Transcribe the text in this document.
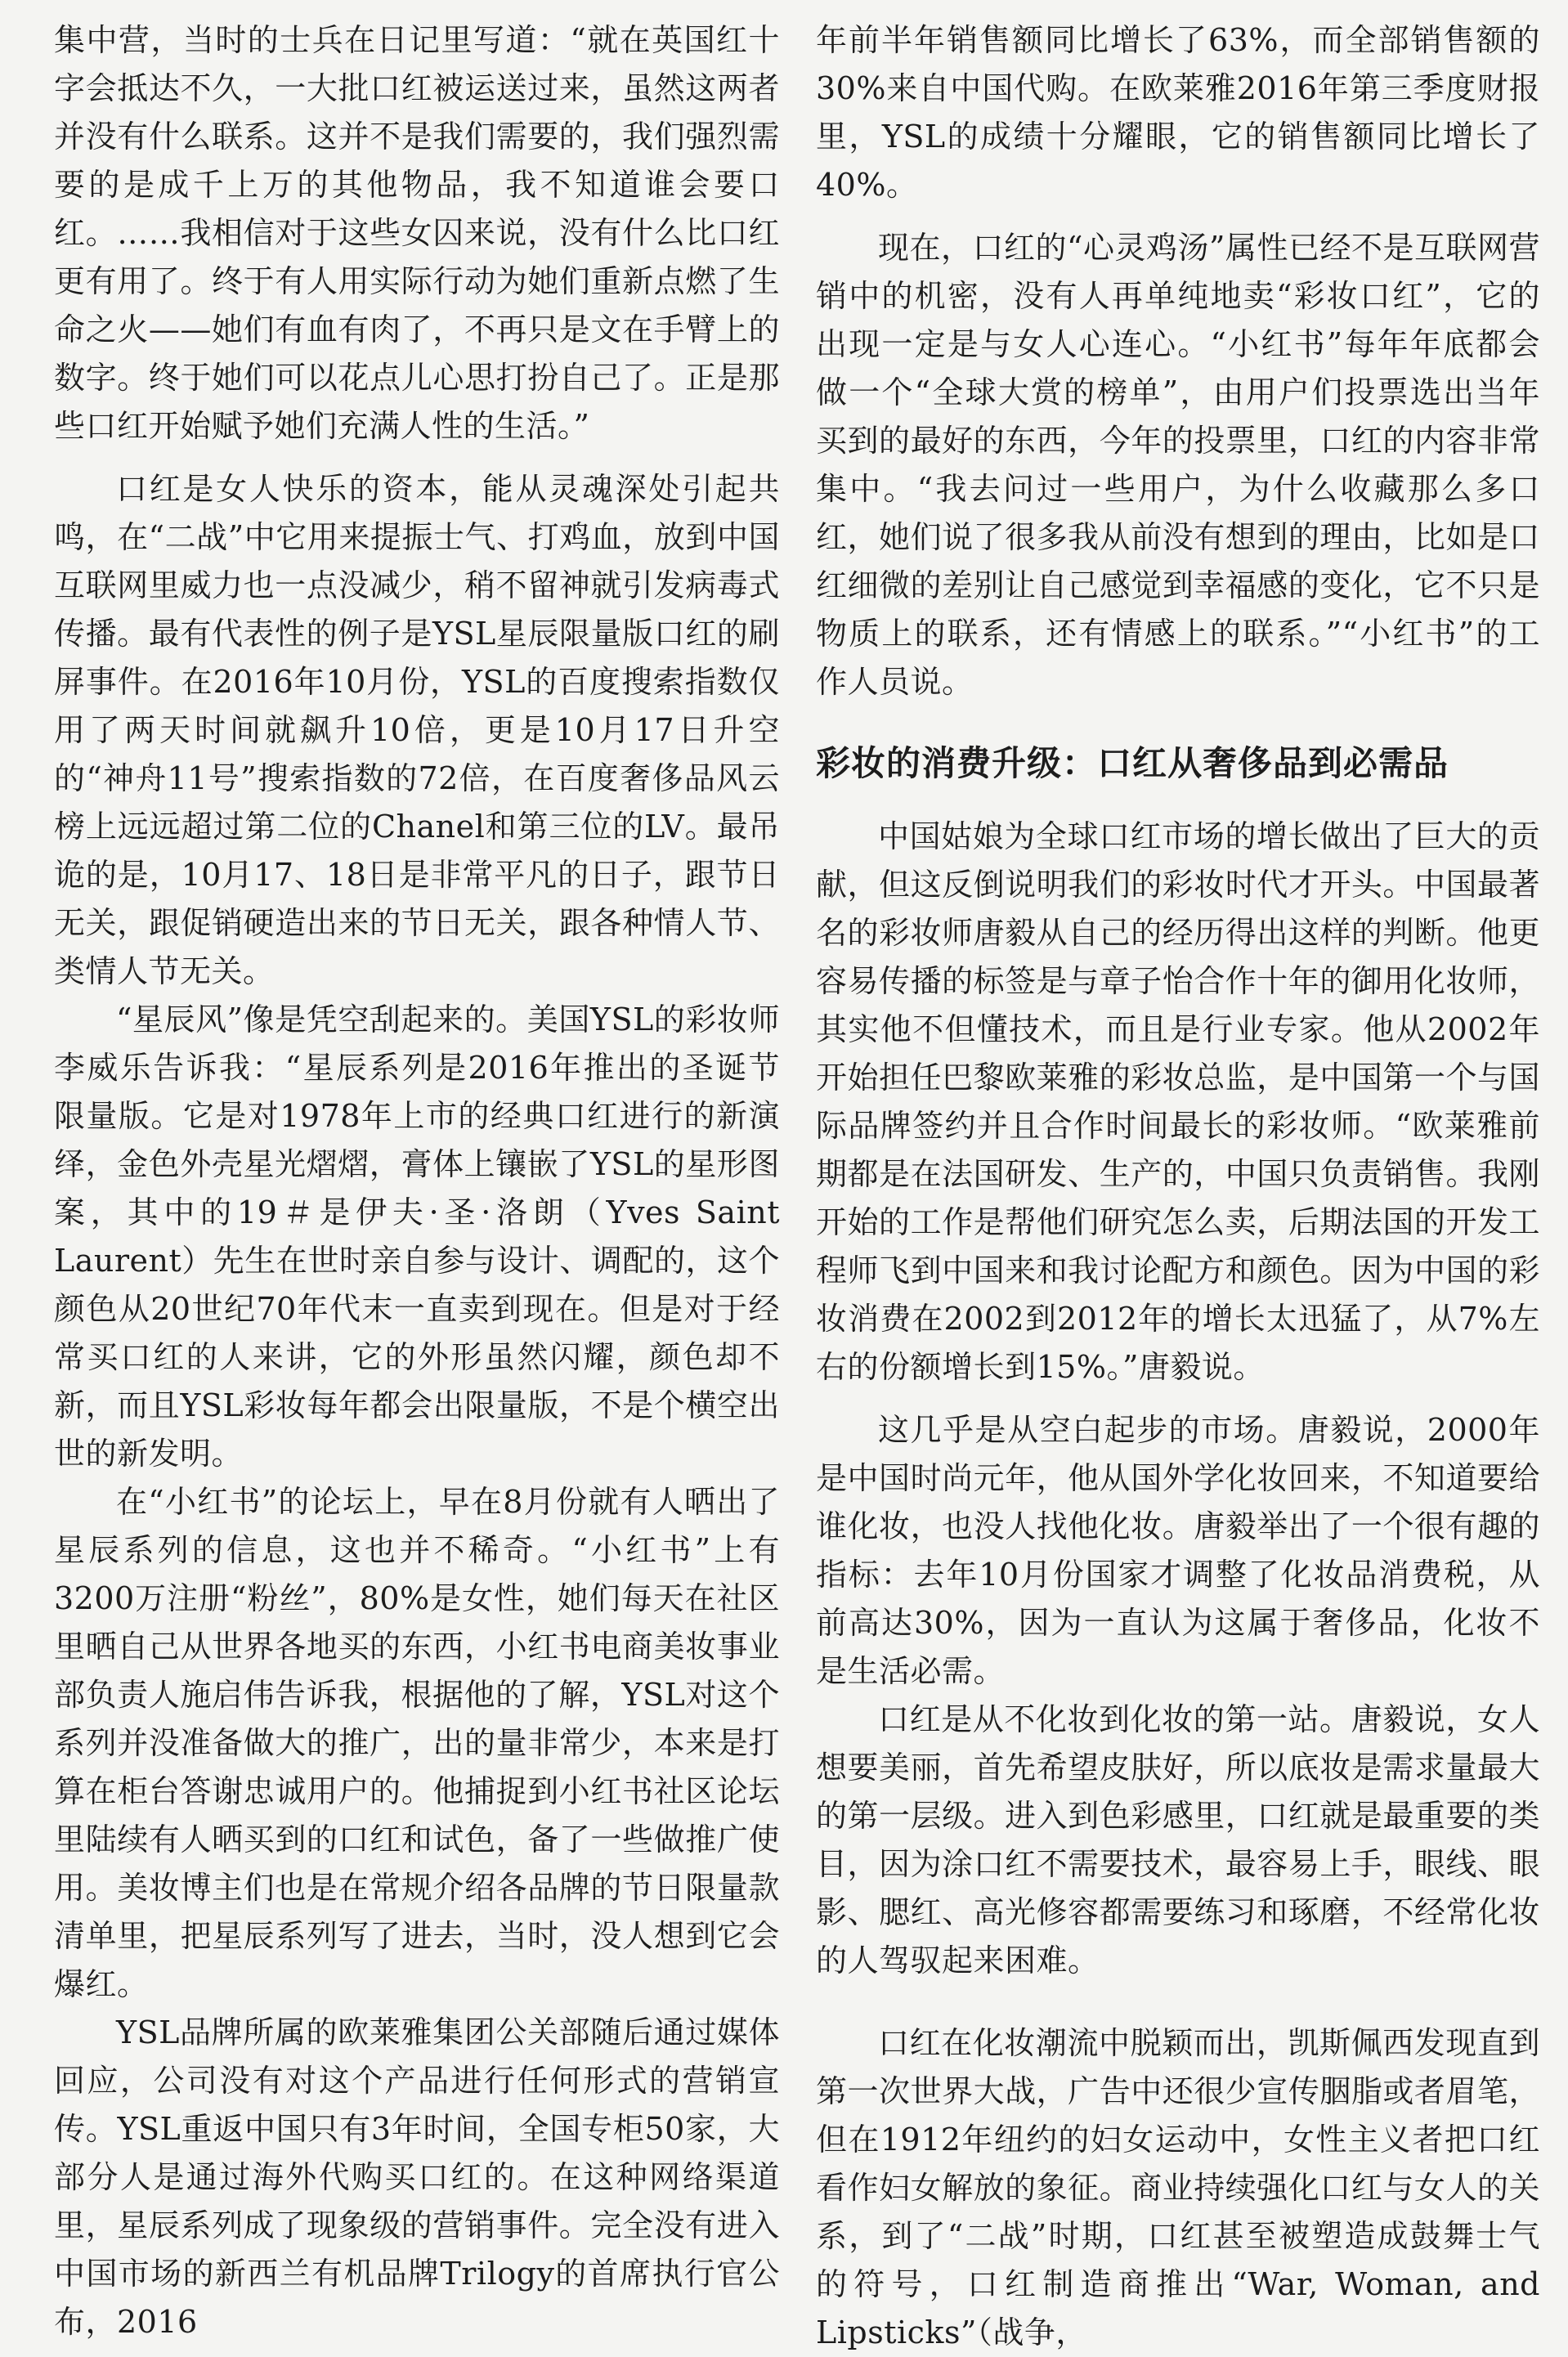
集中营，当时的士兵在日记里写道：“就在英国红十字会抵达不久，一大批口红被运送过来，虽然这两者并没有什么联系。这并不是我们需要的，我们强烈需要的是成千上万的其他物品，我不知道谁会要口红。……我相信对于这些女囚来说，没有什么比口红更有用了。终于有人用实际行动为她们重新点燃了生命之火——她们有血有肉了，不再只是文在手臂上的数字。终于她们可以花点儿心思打扮自己了。正是那些口红开始赋予她们充满人性的生活。”

口红是女人快乐的资本，能从灵魂深处引起共鸣，在“二战”中它用来提振士气、打鸡血，放到中国互联网里威力也一点没减少，稍不留神就引发病毒式传播。最有代表性的例子是YSL星辰限量版口红的刷屏事件。在2016年10月份，YSL的百度搜索指数仅用了两天时间就飙升10倍，更是10月17日升空的“神舟11号”搜索指数的72倍，在百度奢侈品风云榜上远远超过第二位的Chanel和第三位的LV。最吊诡的是，10月17、18日是非常平凡的日子，跟节日无关，跟促销硬造出来的节日无关，跟各种情人节、类情人节无关。

“星辰风”像是凭空刮起来的。美国YSL的彩妆师李威乐告诉我：“星辰系列是2016年推出的圣诞节限量版。它是对1978年上市的经典口红进行的新演绎，金色外壳星光熠熠，膏体上镶嵌了YSL的星形图案，其中的19＃是伊夫·圣·洛朗（Yves Saint Laurent）先生在世时亲自参与设计、调配的，这个颜色从20世纪70年代末一直卖到现在。但是对于经常买口红的人来讲，它的外形虽然闪耀，颜色却不新，而且YSL彩妆每年都会出限量版，不是个横空出世的新发明。

在“小红书”的论坛上，早在8月份就有人晒出了星辰系列的信息，这也并不稀奇。“小红书”上有3200万注册“粉丝”，80%是女性，她们每天在社区里晒自己从世界各地买的东西，小红书电商美妆事业部负责人施启伟告诉我，根据他的了解，YSL对这个系列并没准备做大的推广，出的量非常少，本来是打算在柜台答谢忠诚用户的。他捕捉到小红书社区论坛里陆续有人晒买到的口红和试色，备了一些做推广使用。美妆博主们也是在常规介绍各品牌的节日限量款清单里，把星辰系列写了进去，当时，没人想到它会爆红。

YSL品牌所属的欧莱雅集团公关部随后通过媒体回应，公司没有对这个产品进行任何形式的营销宣传。YSL重返中国只有3年时间，全国专柜50家，大部分人是通过海外代购买口红的。在这种网络渠道里，星辰系列成了现象级的营销事件。完全没有进入中国市场的新西兰有机品牌Trilogy的首席执行官公布，2016

年前半年销售额同比增长了63%，而全部销售额的30%来自中国代购。在欧莱雅2016年第三季度财报里，YSL的成绩十分耀眼，它的销售额同比增长了40%。

现在，口红的“心灵鸡汤”属性已经不是互联网营销中的机密，没有人再单纯地卖“彩妆口红”，它的出现一定是与女人心连心。“小红书”每年年底都会做一个“全球大赏的榜单”，由用户们投票选出当年买到的最好的东西，今年的投票里，口红的内容非常集中。“我去问过一些用户，为什么收藏那么多口红，她们说了很多我从前没有想到的理由，比如是口红细微的差别让自己感觉到幸福感的变化，它不只是物质上的联系，还有情感上的联系。”“小红书”的工作人员说。

彩妆的消费升级：口红从奢侈品到必需品

中国姑娘为全球口红市场的增长做出了巨大的贡献，但这反倒说明我们的彩妆时代才开头。中国最著名的彩妆师唐毅从自己的经历得出这样的判断。他更容易传播的标签是与章子怡合作十年的御用化妆师，其实他不但懂技术，而且是行业专家。他从2002年开始担任巴黎欧莱雅的彩妆总监，是中国第一个与国际品牌签约并且合作时间最长的彩妆师。“欧莱雅前期都是在法国研发、生产的，中国只负责销售。我刚开始的工作是帮他们研究怎么卖，后期法国的开发工程师飞到中国来和我讨论配方和颜色。因为中国的彩妆消费在2002到2012年的增长太迅猛了，从7%左右的份额增长到15%。”唐毅说。

这几乎是从空白起步的市场。唐毅说，2000年是中国时尚元年，他从国外学化妆回来，不知道要给谁化妆，也没人找他化妆。唐毅举出了一个很有趣的指标：去年10月份国家才调整了化妆品消费税，从前高达30%，因为一直认为这属于奢侈品，化妆不是生活必需。

口红是从不化妆到化妆的第一站。唐毅说，女人想要美丽，首先希望皮肤好，所以底妆是需求量最大的第一层级。进入到色彩感里，口红就是最重要的类目，因为涂口红不需要技术，最容易上手，眼线、眼影、腮红、高光修容都需要练习和琢磨，不经常化妆的人驾驭起来困难。

口红在化妆潮流中脱颖而出，凯斯佩西发现直到第一次世界大战，广告中还很少宣传胭脂或者眉笔，但在1912年纽约的妇女运动中，女性主义者把口红看作妇女解放的象征。商业持续强化口红与女人的关系，到了“二战”时期，口红甚至被塑造成鼓舞士气的符号，口红制造商推出“War, Woman, and Lipsticks”（战争，
